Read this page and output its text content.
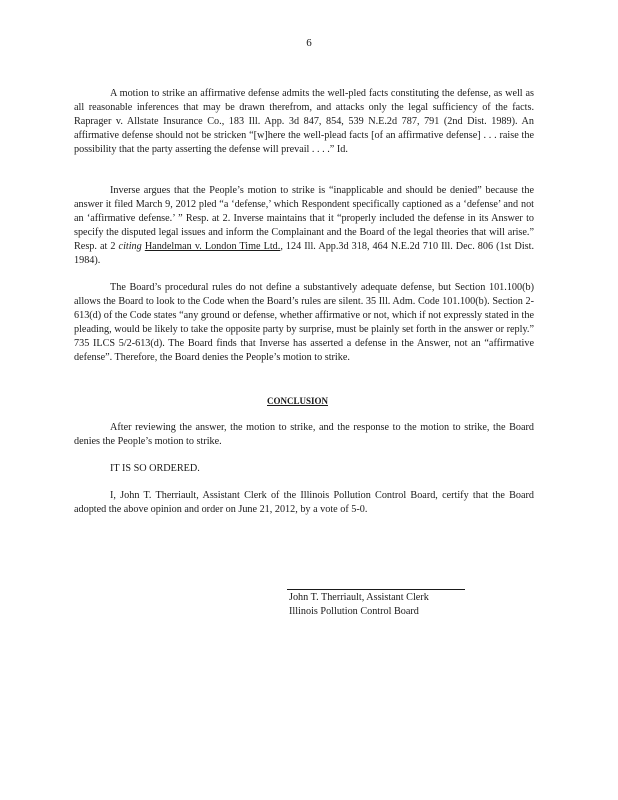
6

A motion to strike an affirmative defense admits the well-pled facts constituting the defense, as well as all reasonable inferences that may be drawn therefrom, and attacks only the legal sufficiency of the facts. Raprager v. Allstate Insurance Co., 183 Ill. App. 3d 847, 854, 539 N.E.2d 787, 791 (2nd Dist. 1989). An affirmative defense should not be stricken “[w]here the well-plead facts [of an affirmative defense] . . . raise the possibility that the party asserting the defense will prevail . . . .” Id.

Inverse argues that the People’s motion to strike is “inapplicable and should be denied” because the answer it filed March 9, 2012 pled “a ‘defense,’ which Respondent specifically captioned as a ‘defense’ and not an ‘affirmative defense.’ ” Resp. at 2. Inverse maintains that it “properly included the defense in its Answer to specify the disputed legal issues and inform the Complainant and the Board of the legal theories that will arise.” Resp. at 2 citing Handelman v. London Time Ltd., 124 Ill. App.3d 318, 464 N.E.2d 710 Ill. Dec. 806 (1st Dist. 1984).

The Board’s procedural rules do not define a substantively adequate defense, but Section 101.100(b) allows the Board to look to the Code when the Board’s rules are silent. 35 Ill. Adm. Code 101.100(b). Section 2-613(d) of the Code states “any ground or defense, whether affirmative or not, which if not expressly stated in the pleading, would be likely to take the opposite party by surprise, must be plainly set forth in the answer or reply.” 735 ILCS 5/2-613(d). The Board finds that Inverse has asserted a defense in the Answer, not an “affirmative defense”. Therefore, the Board denies the People’s motion to strike.

CONCLUSION

After reviewing the answer, the motion to strike, and the response to the motion to strike, the Board denies the People’s motion to strike.

IT IS SO ORDERED.

I, John T. Therriault, Assistant Clerk of the Illinois Pollution Control Board, certify that the Board adopted the above opinion and order on June 21, 2012, by a vote of 5-0.

John T. Therriault, Assistant Clerk
Illinois Pollution Control Board
